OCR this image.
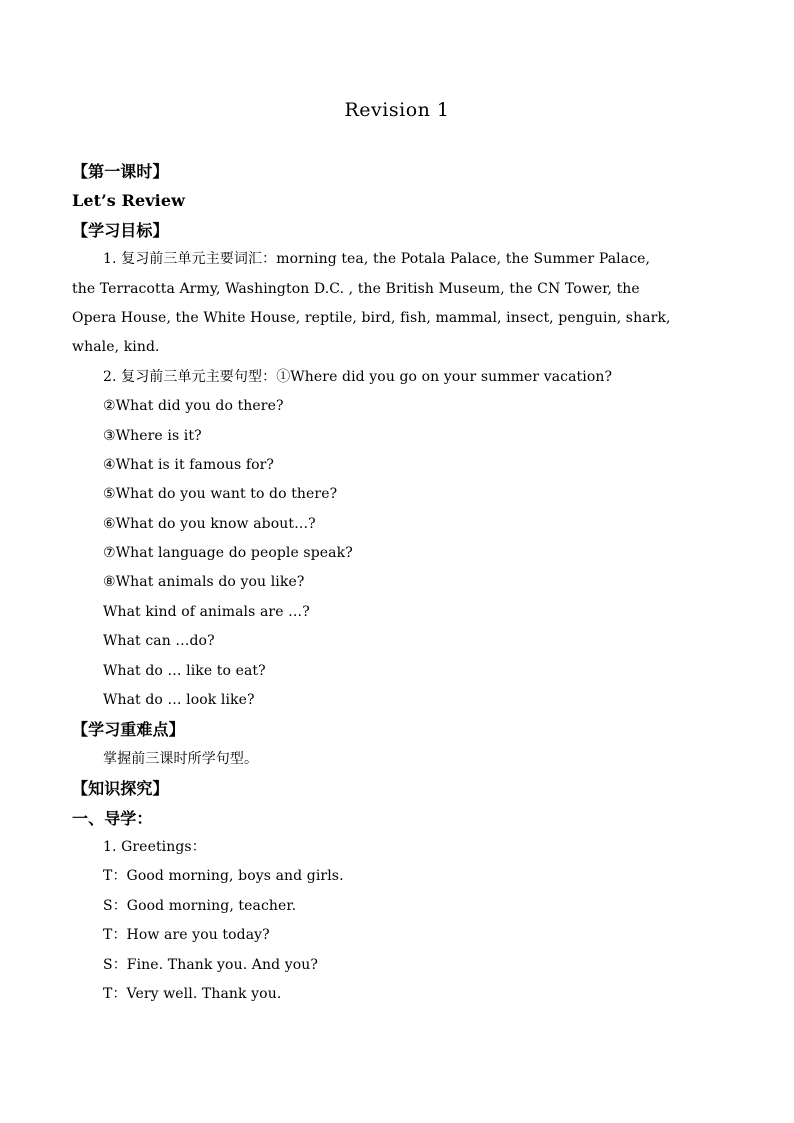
Revision 1
【第一课时】
Let’s Review
【学习目标】
1. 复习前三单元主要词汇：morning tea, the Potala Palace, the Summer Palace,
the Terracotta Army, Washington D.C. , the British Museum, the CN Tower, the
Opera House, the White House, reptile, bird, fish, mammal, insect, penguin, shark,
whale, kind.
2. 复习前三单元主要句型：①Where did you go on your summer vacation?
②What did you do there?
③Where is it?
④What is it famous for?
⑤What do you want to do there?
⑥What do you know about…?
⑦What language do people speak?
⑧What animals do you like?
What kind of animals are …?
What can …do?
What do … like to eat?
What do … look like?
【学习重难点】
掌握前三课时所学句型。
【知识探究】
一、导学：
1. Greetings：
T：Good morning, boys and girls.
S：Good morning, teacher.
T：How are you today?
S：Fine. Thank you. And you?
T：Very well. Thank you.
